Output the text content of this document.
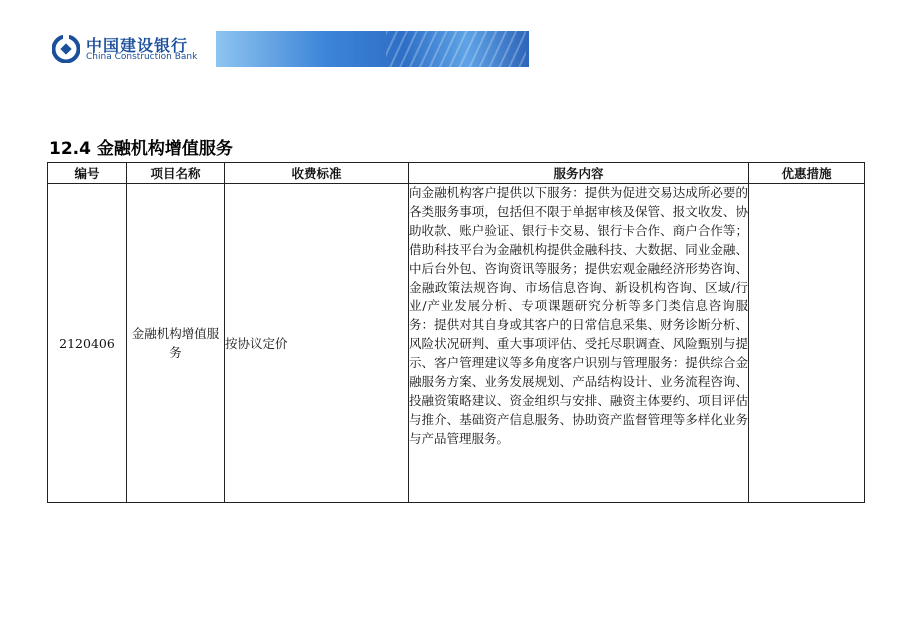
中国建设银行
China Construction Bank
12.4 金融机构增值服务
编号	项目名称	收费标准	服务内容	优惠措施
2120406	金融机构增值服务	按协议定价	向金融机构客户提供以下服务：提供为促进交易达成所必要的各类服务事项，包括但不限于单据审核及保管、报文收发、协助收款、账户验证、银行卡交易、银行卡合作、商户合作等；借助科技平台为金融机构提供金融科技、大数据、同业金融、中后台外包、咨询资讯等服务；提供宏观金融经济形势咨询、金融政策法规咨询、市场信息咨询、新设机构咨询、区域/行业/产业发展分析、专项课题研究分析等多门类信息咨询服务：提供对其自身或其客户的日常信息采集、财务诊断分析、风险状况研判、重大事项评估、受托尽职调查、风险甄别与提示、客户管理建议等多角度客户识别与管理服务：提供综合金融服务方案、业务发展规划、产品结构设计、业务流程咨询、投融资策略建议、资金组织与安排、融资主体要约、项目评估与推介、基础资产信息服务、协助资产监督管理等多样化业务与产品管理服务。	
